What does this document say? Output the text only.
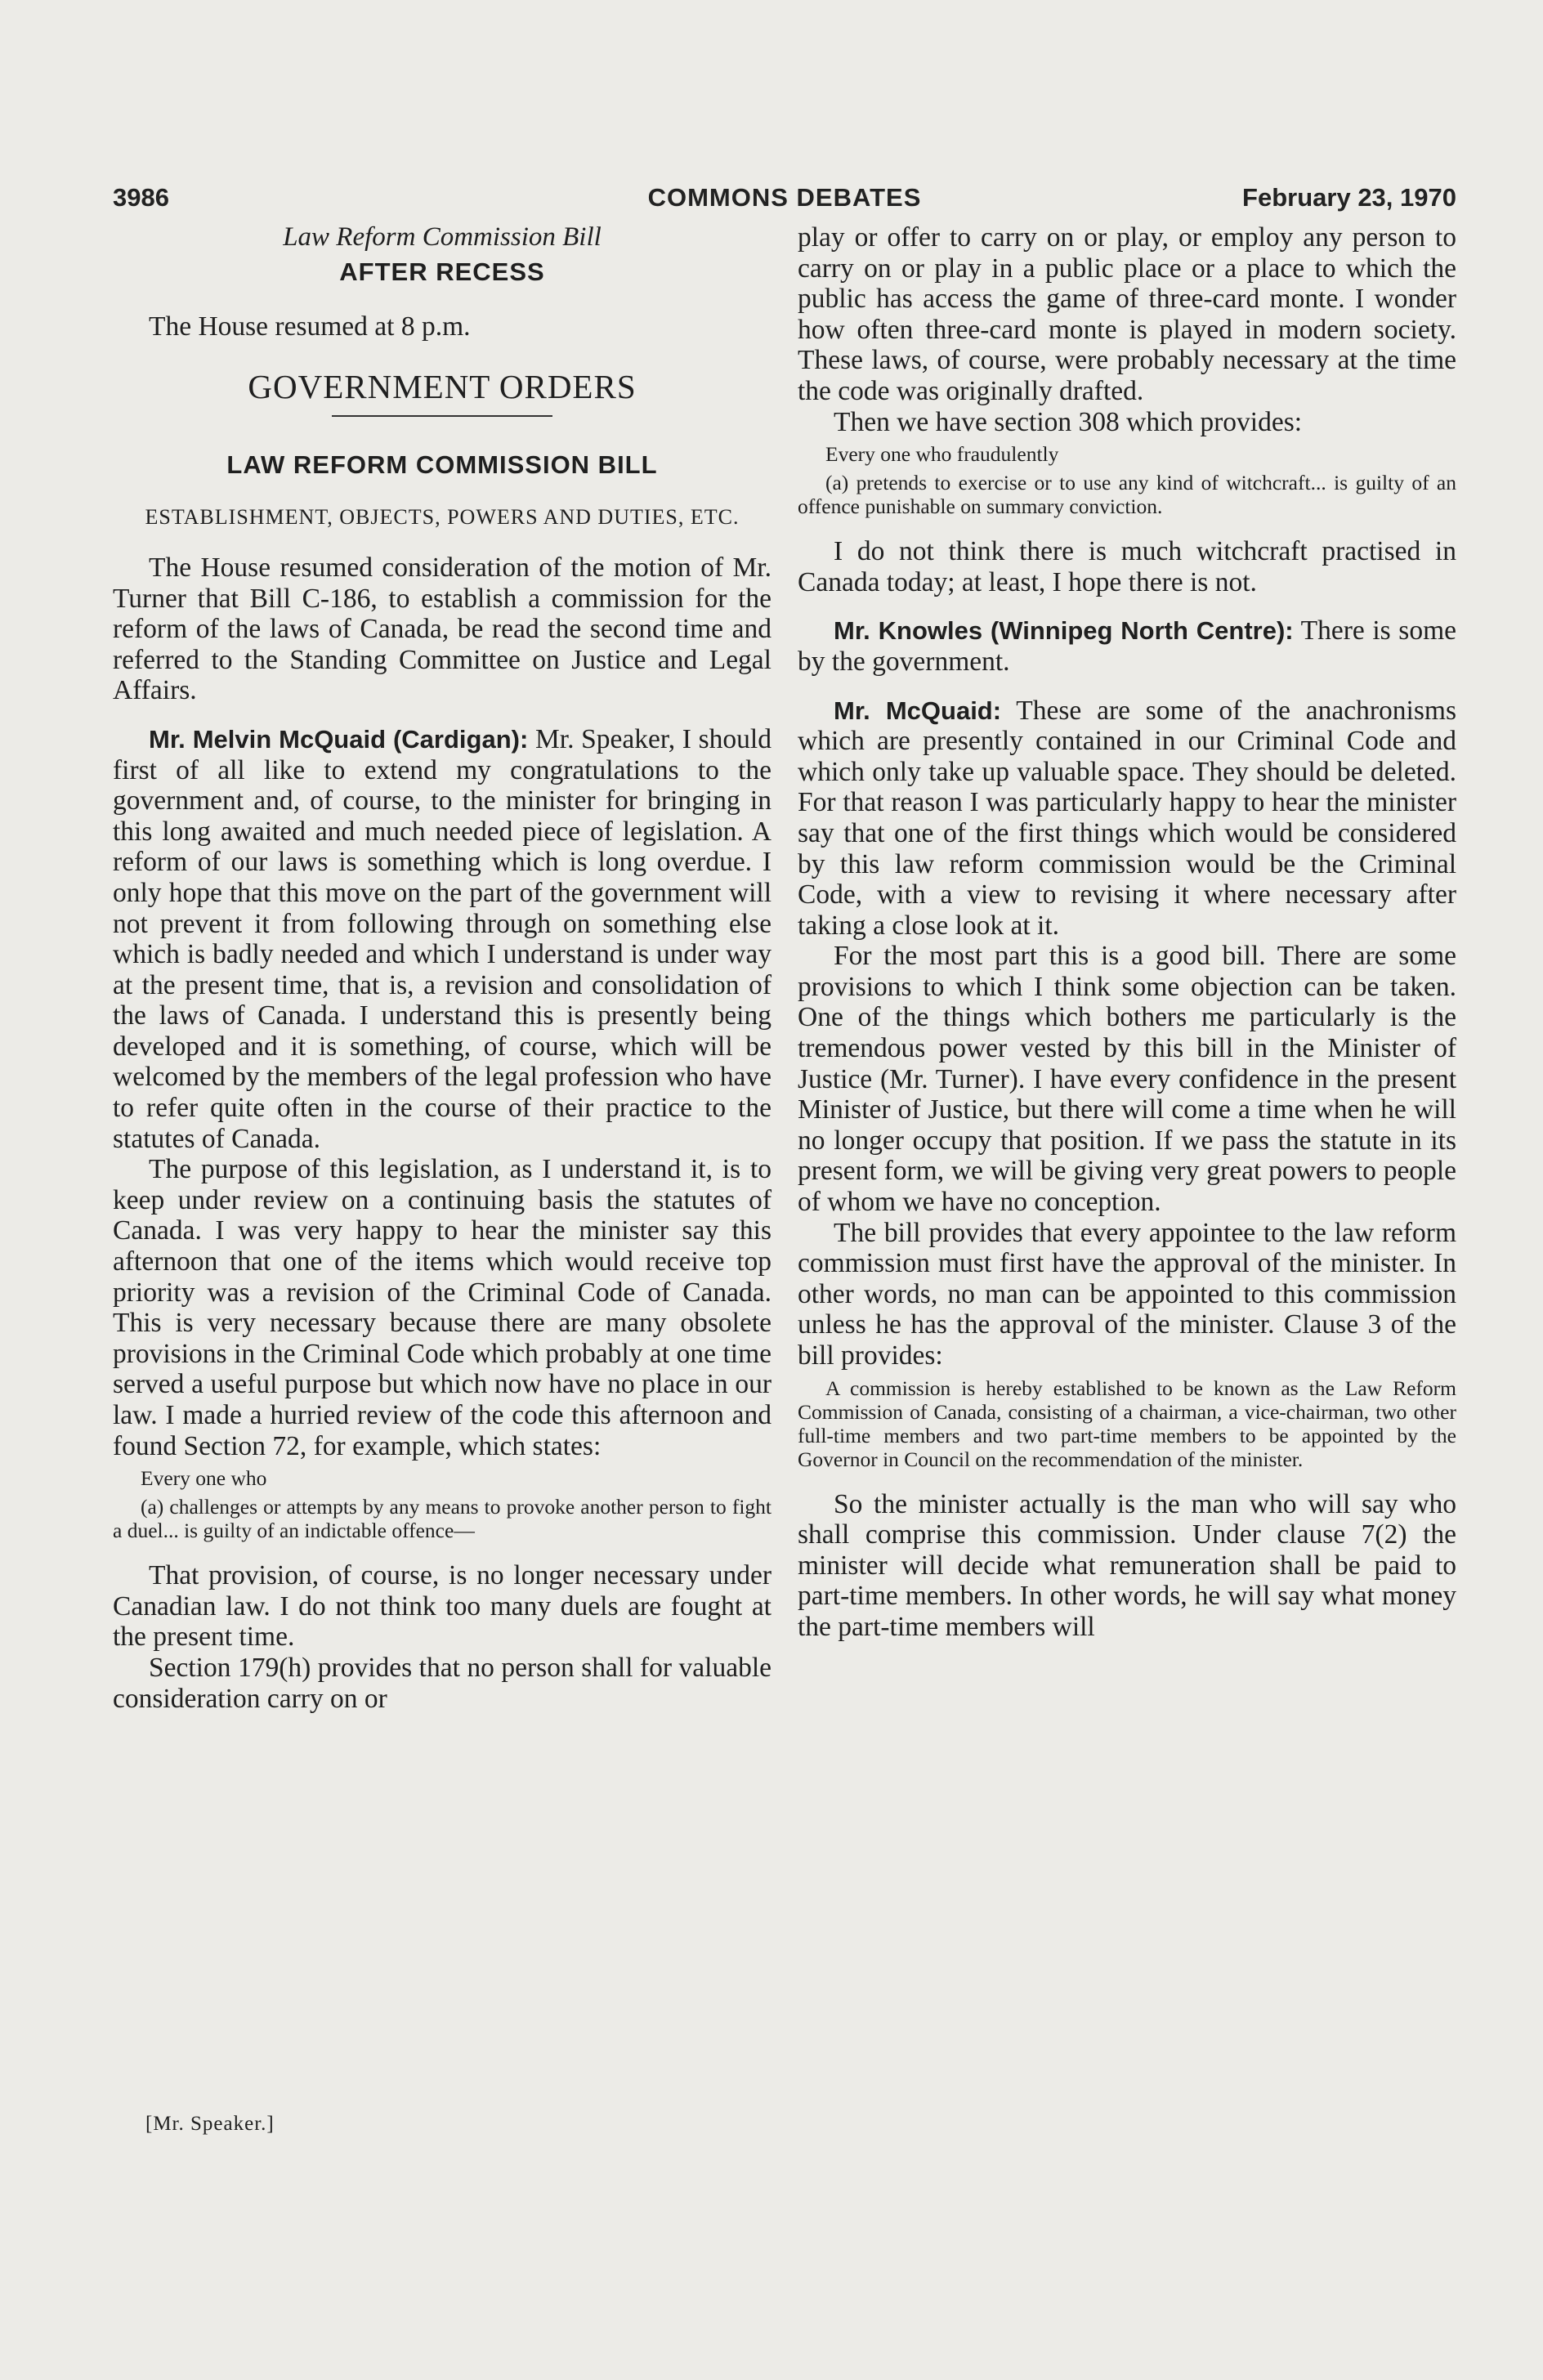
3986	COMMONS DEBATES	February 23, 1970

Law Reform Commission Bill

AFTER RECESS

The House resumed at 8 p.m.

GOVERNMENT ORDERS

LAW REFORM COMMISSION BILL

ESTABLISHMENT, OBJECTS, POWERS AND DUTIES, ETC.

The House resumed consideration of the motion of Mr. Turner that Bill C-186, to establish a commission for the reform of the laws of Canada, be read the second time and referred to the Standing Committee on Justice and Legal Affairs.

Mr. Melvin McQuaid (Cardigan): Mr. Speaker, I should first of all like to extend my congratulations to the government and, of course, to the minister for bringing in this long awaited and much needed piece of legislation. A reform of our laws is something which is long overdue. I only hope that this move on the part of the government will not prevent it from following through on something else which is badly needed and which I understand is under way at the present time, that is, a revision and consolidation of the laws of Canada. I understand this is presently being developed and it is something, of course, which will be welcomed by the members of the legal profession who have to refer quite often in the course of their practice to the statutes of Canada.

The purpose of this legislation, as I understand it, is to keep under review on a continuing basis the statutes of Canada. I was very happy to hear the minister say this afternoon that one of the items which would receive top priority was a revision of the Criminal Code of Canada. This is very necessary because there are many obsolete provisions in the Criminal Code which probably at one time served a useful purpose but which now have no place in our law. I made a hurried review of the code this afternoon and found Section 72, for example, which states:

Every one who

(a) challenges or attempts by any means to provoke another person to fight a duel... is guilty of an indictable offence—

That provision, of course, is no longer necessary under Canadian law. I do not think too many duels are fought at the present time.

Section 179(h) provides that no person shall for valuable consideration carry on or

play or offer to carry on or play, or employ any person to carry on or play in a public place or a place to which the public has access the game of three-card monte. I wonder how often three-card monte is played in modern society. These laws, of course, were probably necessary at the time the code was originally drafted.

Then we have section 308 which provides:

Every one who fraudulently

(a) pretends to exercise or to use any kind of witchcraft... is guilty of an offence punishable on summary conviction.

I do not think there is much witchcraft practised in Canada today; at least, I hope there is not.

Mr. Knowles (Winnipeg North Centre): There is some by the government.

Mr. McQuaid: These are some of the anachronisms which are presently contained in our Criminal Code and which only take up valuable space. They should be deleted. For that reason I was particularly happy to hear the minister say that one of the first things which would be considered by this law reform commission would be the Criminal Code, with a view to revising it where necessary after taking a close look at it.

For the most part this is a good bill. There are some provisions to which I think some objection can be taken. One of the things which bothers me particularly is the tremendous power vested by this bill in the Minister of Justice (Mr. Turner). I have every confidence in the present Minister of Justice, but there will come a time when he will no longer occupy that position. If we pass the statute in its present form, we will be giving very great powers to people of whom we have no conception.

The bill provides that every appointee to the law reform commission must first have the approval of the minister. In other words, no man can be appointed to this commission unless he has the approval of the minister. Clause 3 of the bill provides:

A commission is hereby established to be known as the Law Reform Commission of Canada, consisting of a chairman, a vice-chairman, two other full-time members and two part-time members to be appointed by the Governor in Council on the recommendation of the minister.

So the minister actually is the man who will say who shall comprise this commission. Under clause 7(2) the minister will decide what remuneration shall be paid to part-time members. In other words, he will say what money the part-time members will

[Mr. Speaker.]
